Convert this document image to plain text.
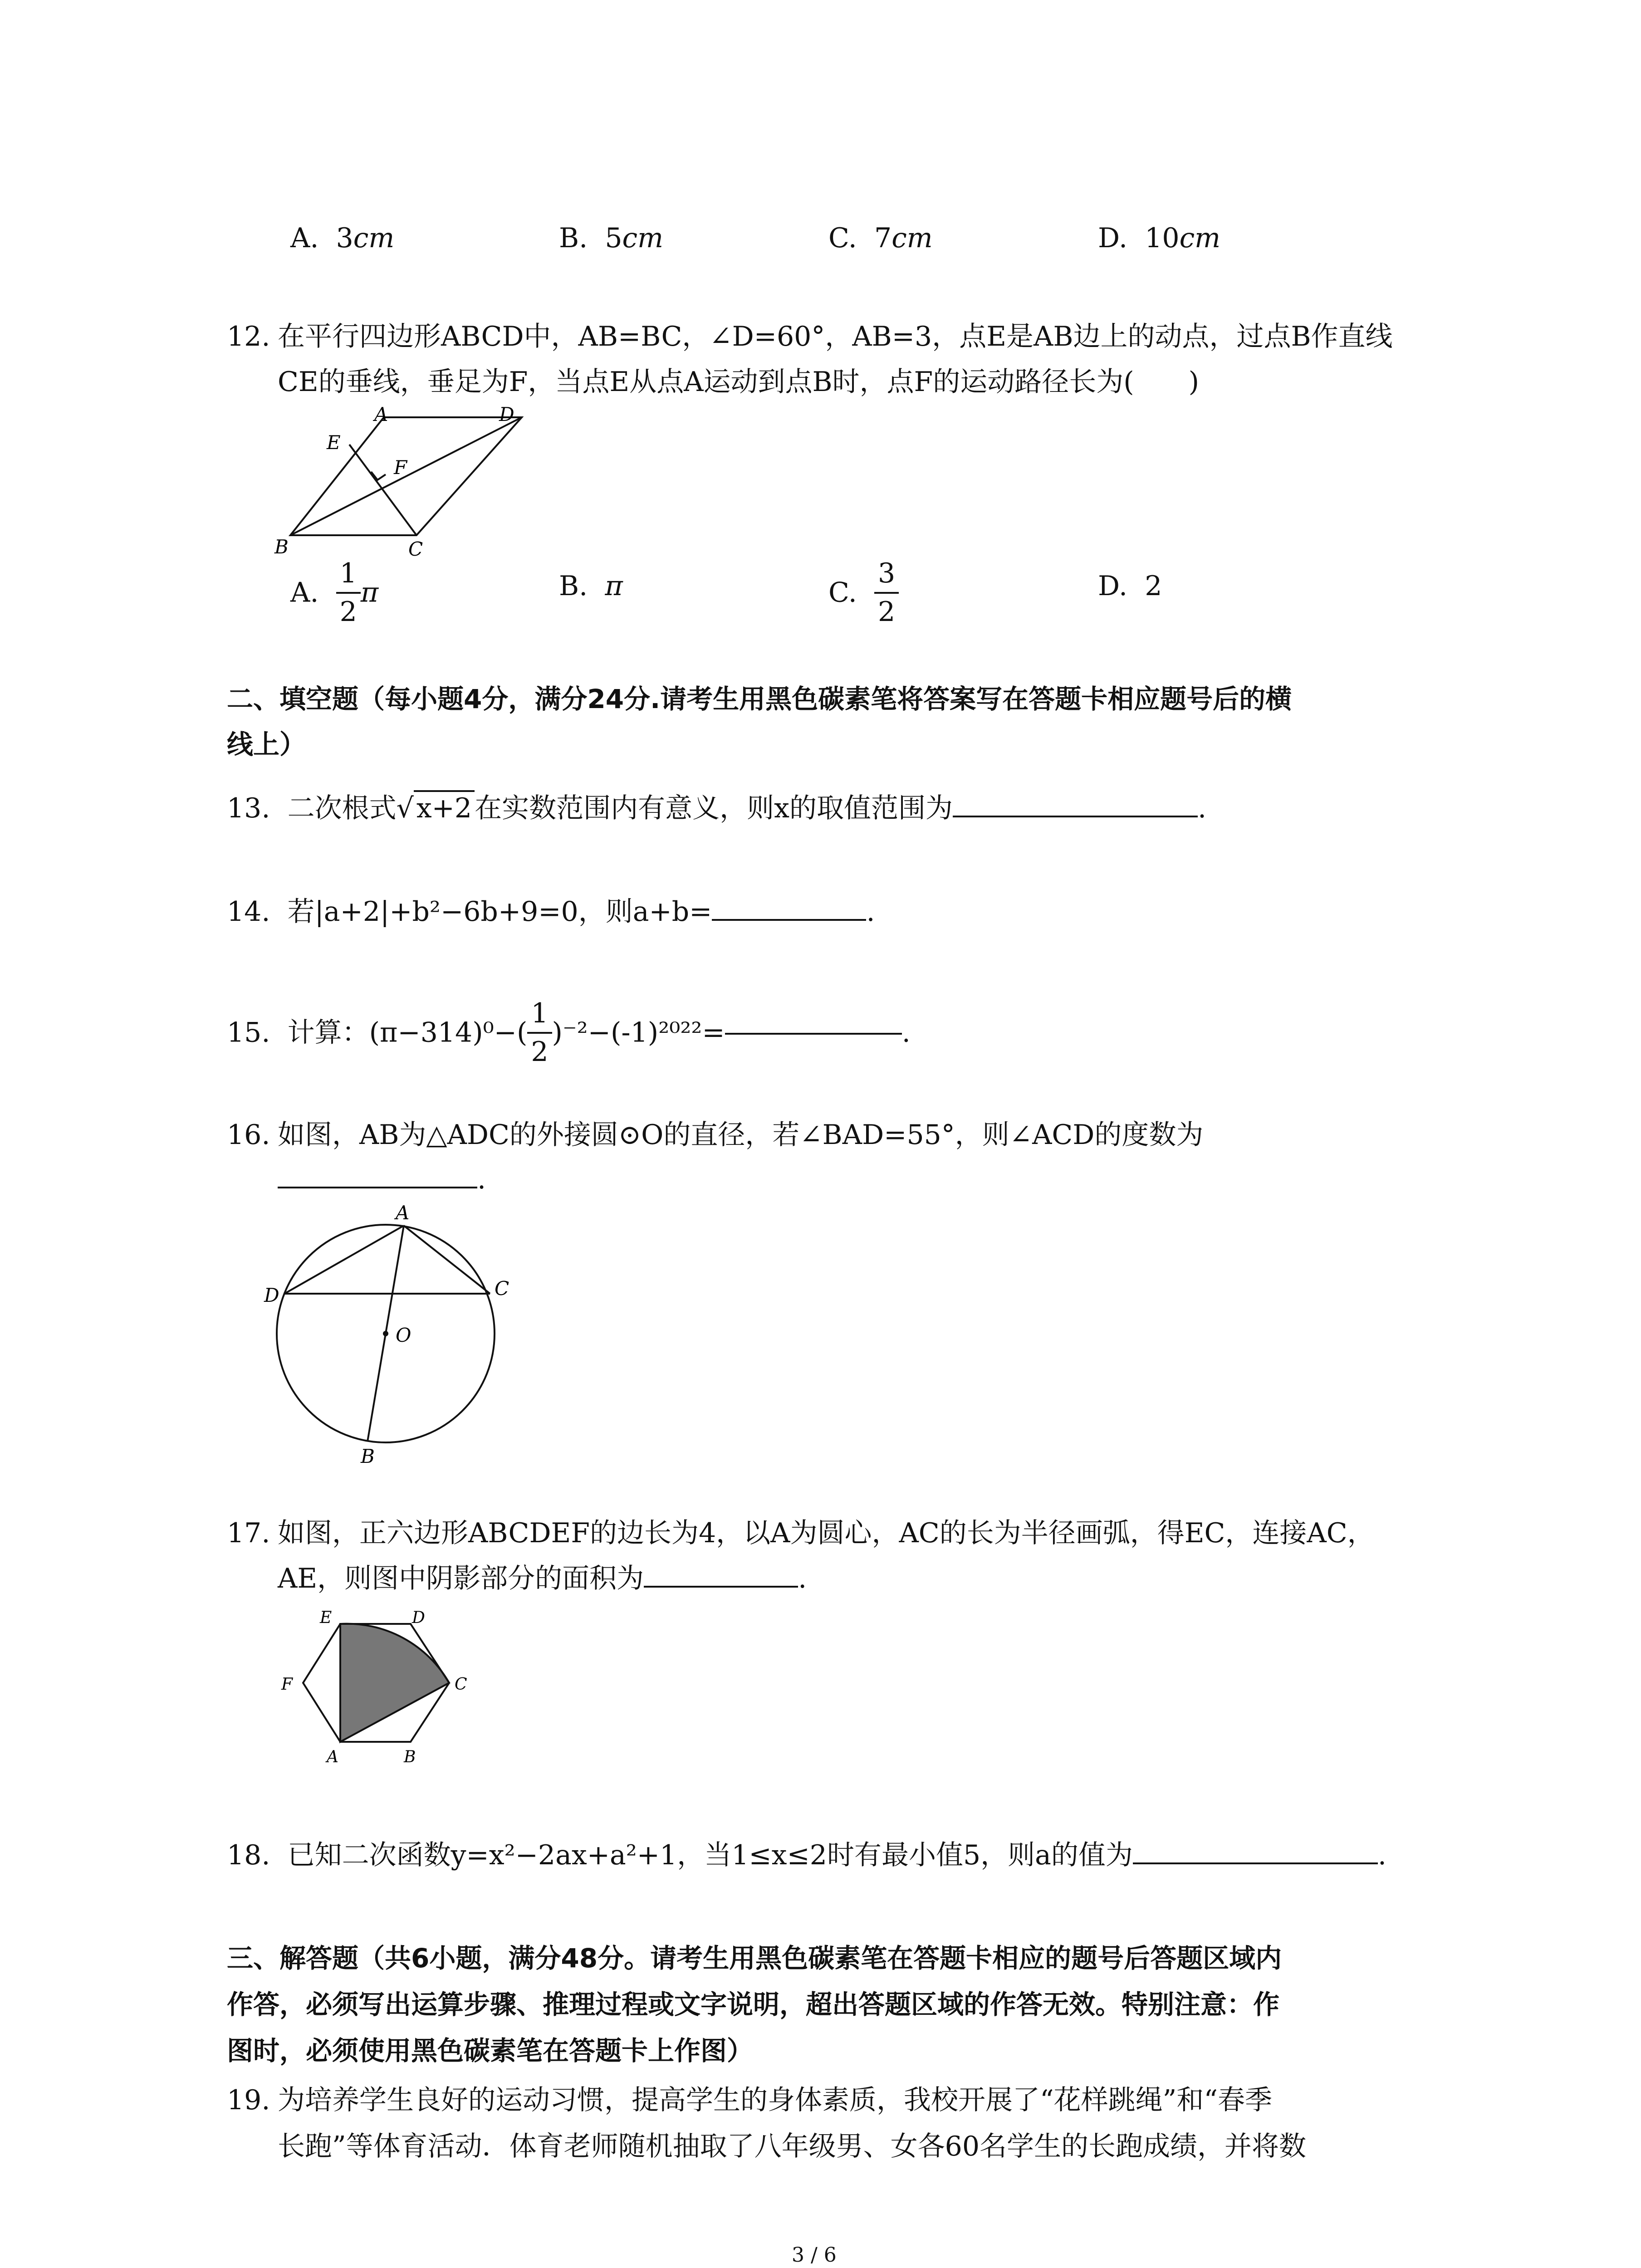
A. 3cm	B. 5cm	C. 7cm	D. 10cm
12. 在平行四边形ABCD中，AB=BC，∠D=60°，AB=3，点E是AB边上的动点，过点B作直线
CE的垂线，垂足为F，当点E从点A运动到点B时，点F的运动路径长为(　　)
A	D
E
F
B	C
A. $\frac{1}{2}$ π	B. π	C. $\frac{3}{2}$	D. 2
二、填空题（每小题4分，满分24分.请考生用黑色碳素笔将答案写在答题卡相应题号后的横
线上）
13. 二次根式√ x+2 在实数范围内有意义，则x的取值范围为	.
14. 若|a+2|+b²−6b+9=0，则a+b=	.
15. 计算：$(\pi-314)^0-( \frac{1}{2} )^{-2}-(-1)^{2022}=$	.
16. 如图，AB为△ADC的外接圆⊙O的直径，若∠BAD=55°，则∠ACD的度数为
.
A
D	C
O
B
17. 如图，正六边形ABCDEF的边长为4，以A为圆心，AC的长为半径画弧，得EC，连接AC，
AE，则图中阴影部分的面积为	.
E	D
F	C
A	B
18. 已知二次函数y=x²−2ax+a²+1，当1≤x≤2时有最小值5，则a的值为	.
三、解答题（共6小题，满分48分。请考生用黑色碳素笔在答题卡相应的题号后答题区域内
作答，必须写出运算步骤、推理过程或文字说明，超出答题区域的作答无效。特别注意：作
图时，必须使用黑色碳素笔在答题卡上作图）
19. 为培养学生良好的运动习惯，提高学生的身体素质，我校开展了“花样跳绳”和“春季
长跑”等体育活动．体育老师随机抽取了八年级男、女各60名学生的长跑成绩，并将数
3 / 6
